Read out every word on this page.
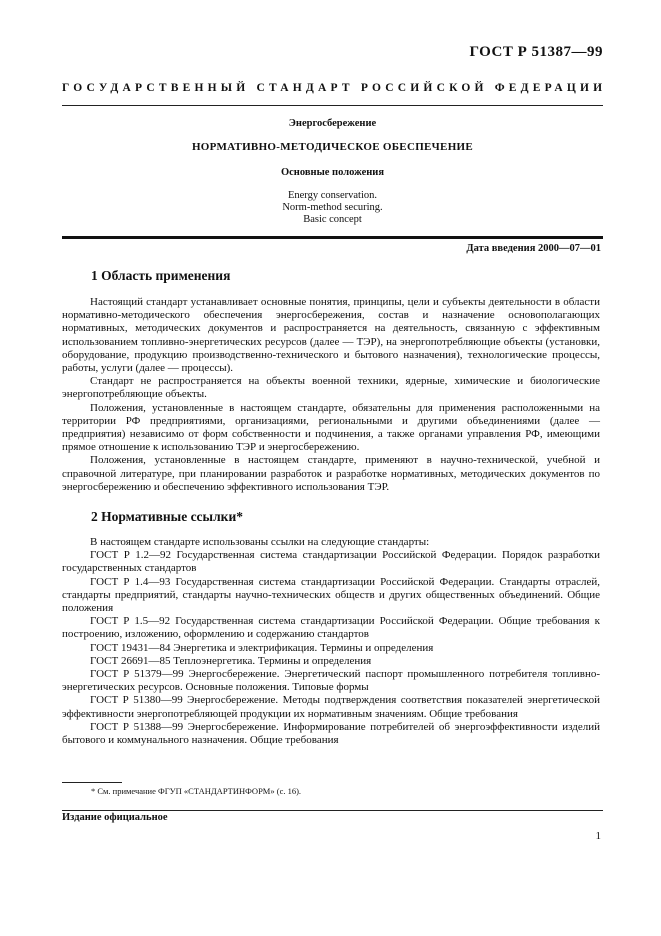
ГОСТ Р 51387—99
ГОСУДАРСТВЕННЫЙ СТАНДАРТ РОССИЙСКОЙ ФЕДЕРАЦИИ
Энергосбережение
НОРМАТИВНО-МЕТОДИЧЕСКОЕ ОБЕСПЕЧЕНИЕ
Основные положения
Energy conservation.
Norm-method securing.
Basic concept
Дата введения 2000—07—01
1 Область применения

Настоящий стандарт устанавливает основные понятия, принципы, цели и субъекты деятельности в области нормативно-методического обеспечения энергосбережения, состав и назначение основополагающих нормативных, методических документов и распространяется на деятельность, связанную с эффективным использованием топливно-энергетических ресурсов (далее — ТЭР), на энергопотребляющие объекты (установки, оборудование, продукцию производственно-технического и бытового назначения), технологические процессы, работы, услуги (далее — процессы).

Стандарт не распространяется на объекты военной техники, ядерные, химические и биологические энергопотребляющие объекты.

Положения, установленные в настоящем стандарте, обязательны для применения расположенными на территории РФ предприятиями, организациями, региональными и другими объединениями (далее — предприятия) независимо от форм собственности и подчинения, а также органами управления РФ, имеющими прямое отношение к использованию ТЭР и энергосбережению.

Положения, установленные в настоящем стандарте, применяют в научно-технической, учебной и справочной литературе, при планировании разработок и разработке нормативных, методических документов по энергосбережению и обеспечению эффективного использования ТЭР.

2 Нормативные ссылки*

В настоящем стандарте использованы ссылки на следующие стандарты:

ГОСТ Р 1.2—92 Государственная система стандартизации Российской Федерации. Порядок разработки государственных стандартов

ГОСТ Р 1.4—93 Государственная система стандартизации Российской Федерации. Стандарты отраслей, стандарты предприятий, стандарты научно-технических обществ и других общественных объединений. Общие положения

ГОСТ Р 1.5—92 Государственная система стандартизации Российской Федерации. Общие требования к построению, изложению, оформлению и содержанию стандартов

ГОСТ 19431—84 Энергетика и электрификация. Термины и определения

ГОСТ 26691—85 Теплоэнергетика. Термины и определения

ГОСТ Р 51379—99 Энергосбережение. Энергетический паспорт промышленного потребителя топливно-энергетических ресурсов. Основные положения. Типовые формы

ГОСТ Р 51380—99 Энергосбережение. Методы подтверждения соответствия показателей энергетической эффективности энергопотребляющей продукции их нормативным значениям. Общие требования

ГОСТ Р 51388—99 Энергосбережение. Информирование потребителей об энергоэффективности изделий бытового и коммунального назначения. Общие требования

* См. примечание ФГУП «СТАНДАРТИНФОРМ» (с. 16).
Издание официальное
1
